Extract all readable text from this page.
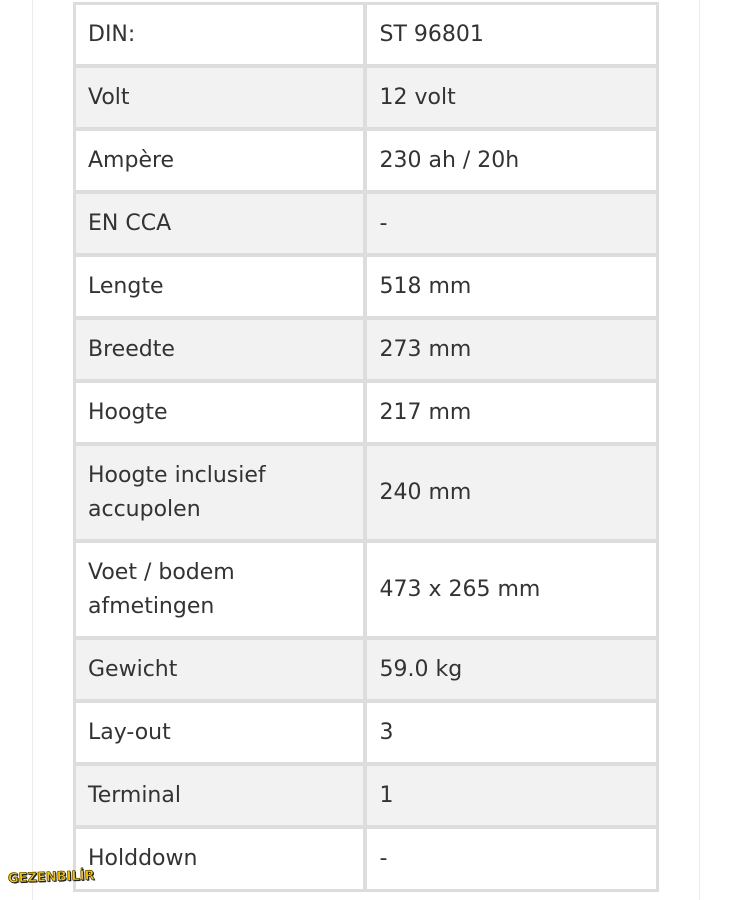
DIN:	ST 96801
Volt	12 volt
Ampère	230 ah / 20h
EN CCA	-
Lengte	518 mm
Breedte	273 mm
Hoogte	217 mm
Hoogte inclusief accupolen	240 mm
Voet / bodem afmetingen	473 x 265 mm
Gewicht	59.0 kg
Lay-out	3
Terminal	1
Holddown	-
GEZENBILİR
